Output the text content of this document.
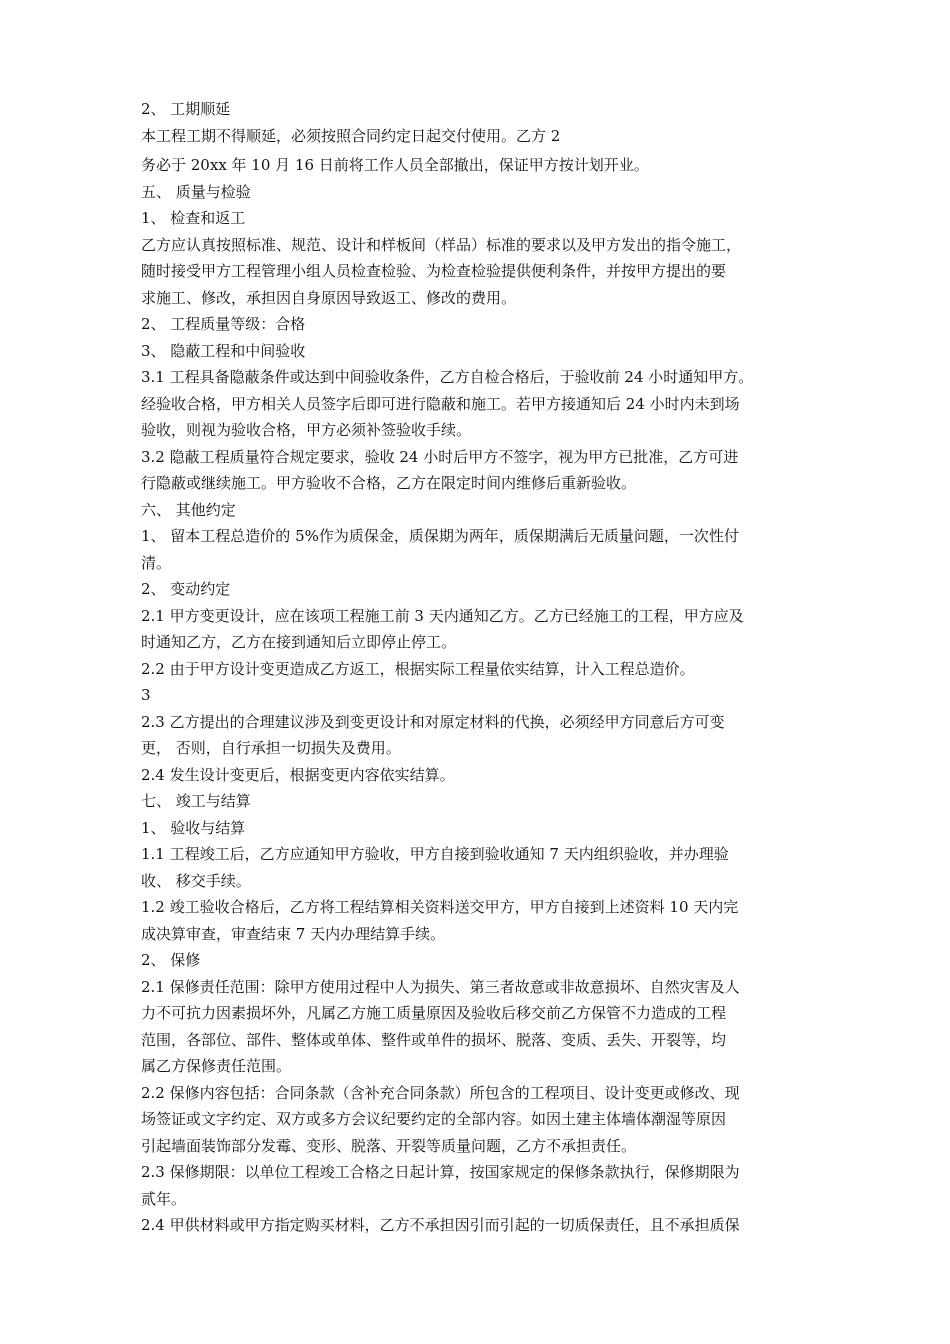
2、 工期顺延

本工程工期不得顺延，必须按照合同约定日起交付使用。乙方 2

务必于 20xx 年 10 月 16 日前将工作人员全部撤出，保证甲方按计划开业。

五、 质量与检验

1、 检查和返工

乙方应认真按照标准、规范、设计和样板间（样品）标准的要求以及甲方发出的指令施工，

随时接受甲方工程管理小组人员检查检验、为检查检验提供便利条件，并按甲方提出的要

求施工、修改，承担因自身原因导致返工、修改的费用。

2、 工程质量等级：合格

3、 隐蔽工程和中间验收

3.1 工程具备隐蔽条件或达到中间验收条件，乙方自检合格后，于验收前 24 小时通知甲方。

经验收合格，甲方相关人员签字后即可进行隐蔽和施工。若甲方接通知后 24 小时内未到场

验收，则视为验收合格，甲方必须补签验收手续。

3.2 隐蔽工程质量符合规定要求，验收 24 小时后甲方不签字，视为甲方已批准，乙方可进

行隐蔽或继续施工。甲方验收不合格，乙方在限定时间内维修后重新验收。

六、 其他约定

1、 留本工程总造价的 5%作为质保金，质保期为两年，质保期满后无质量问题，一次性付

清。

2、 变动约定

2.1 甲方变更设计，应在该项工程施工前 3 天内通知乙方。乙方已经施工的工程，甲方应及

时通知乙方，乙方在接到通知后立即停止停工。

2.2 由于甲方设计变更造成乙方返工，根据实际工程量依实结算，计入工程总造价。

3

2.3 乙方提出的合理建议涉及到变更设计和对原定材料的代换，必须经甲方同意后方可变

更， 否则，自行承担一切损失及费用。

2.4 发生设计变更后，根据变更内容依实结算。

七、 竣工与结算

1、 验收与结算

1.1 工程竣工后，乙方应通知甲方验收，甲方自接到验收通知 7 天内组织验收，并办理验

收、 移交手续。

1.2 竣工验收合格后，乙方将工程结算相关资料送交甲方，甲方自接到上述资料 10 天内完

成决算审查，审查结束 7 天内办理结算手续。

2、 保修

2.1 保修责任范围：除甲方使用过程中人为损失、第三者故意或非故意损坏、自然灾害及人

力不可抗力因素损坏外，凡属乙方施工质量原因及验收后移交前乙方保管不力造成的工程

范围，各部位、部件、整体或单体、整件或单件的损坏、脱落、变质、丢失、开裂等，均

属乙方保修责任范围。

2.2 保修内容包括：合同条款（含补充合同条款）所包含的工程项目、设计变更或修改、现

场签证或文字约定、双方或多方会议纪要约定的全部内容。如因土建主体墙体潮湿等原因

引起墙面装饰部分发霉、变形、脱落、开裂等质量问题，乙方不承担责任。

2.3 保修期限：以单位工程竣工合格之日起计算，按国家规定的保修条款执行，保修期限为

贰年。

2.4 甲供材料或甲方指定购买材料，乙方不承担因引而引起的一切质保责任，且不承担质保
